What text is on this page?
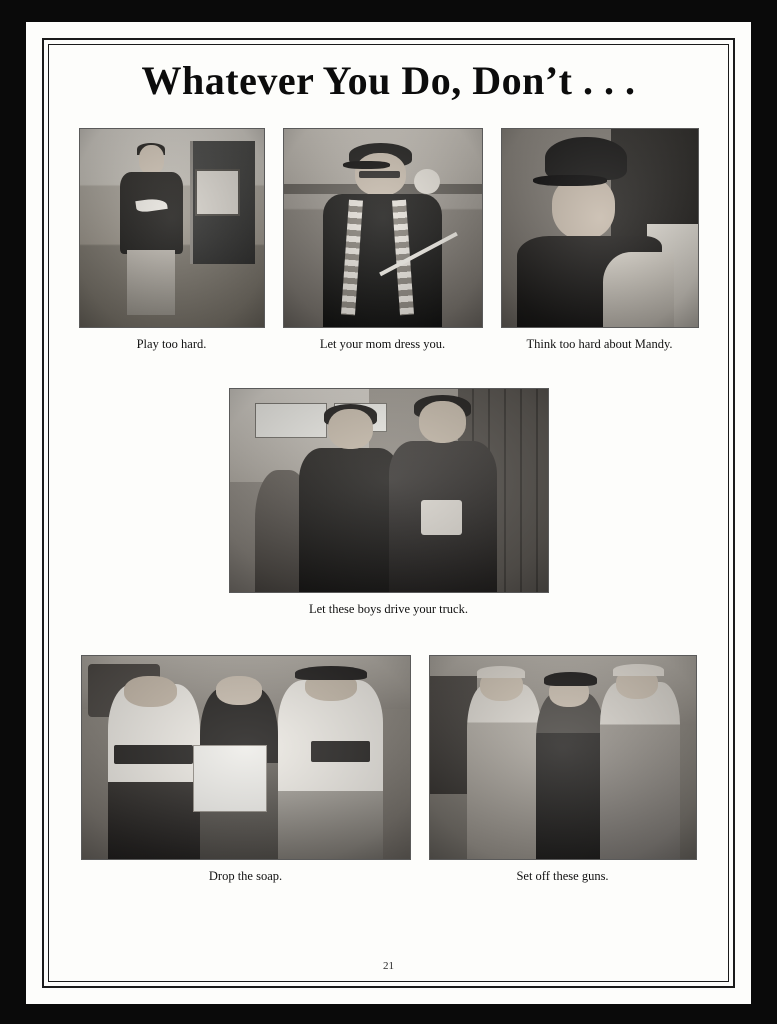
Whatever You Do, Don’t . . .
Play too hard.	Let your mom dress you.	Think too hard about Mandy.
Let these boys drive your truck.
Drop the soap.	Set off these guns.
21
